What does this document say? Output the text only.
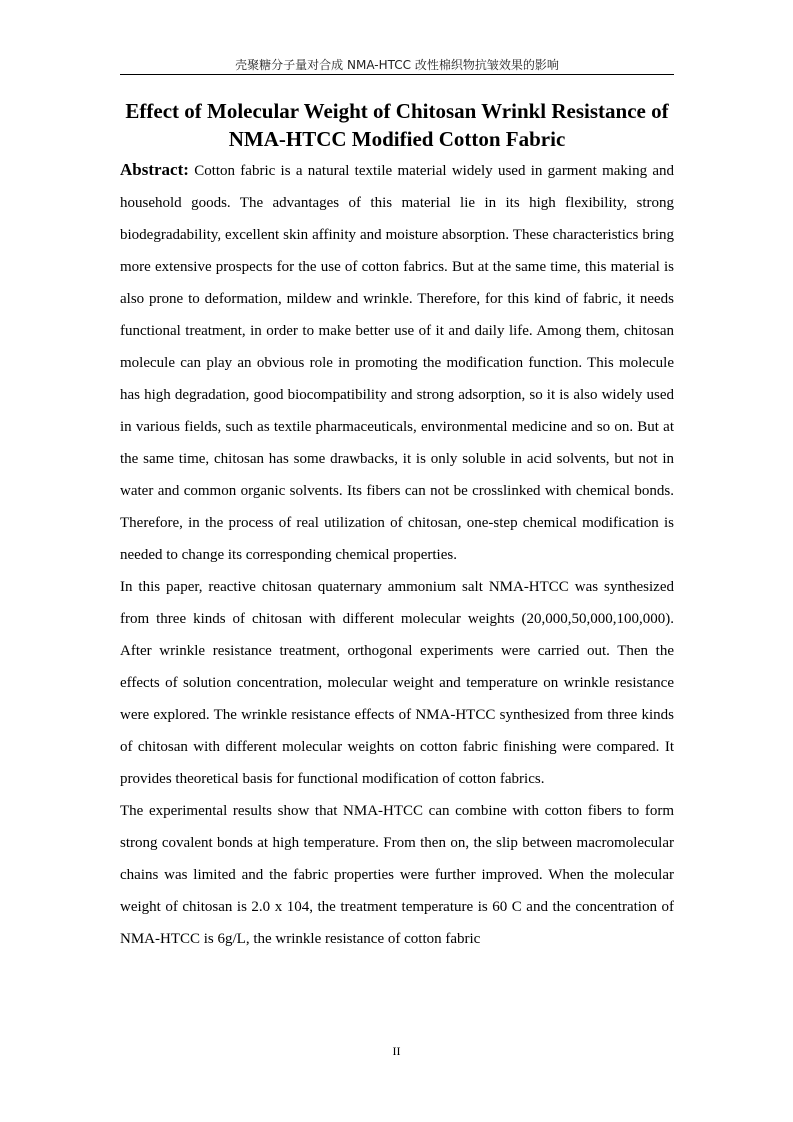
壳聚糖分子量对合成 NMA-HTCC 改性棉织物抗皱效果的影响
Effect of Molecular Weight of Chitosan Wrinkl Resistance of NMA-HTCC Modified Cotton Fabric

Abstract: Cotton fabric is a natural textile material widely used in garment making and household goods. The advantages of this material lie in its high flexibility, strong biodegradability, excellent skin affinity and moisture absorption. These characteristics bring more extensive prospects for the use of cotton fabrics. But at the same time, this material is also prone to deformation, mildew and wrinkle. Therefore, for this kind of fabric, it needs functional treatment, in order to make better use of it and daily life. Among them, chitosan molecule can play an obvious role in promoting the modification function. This molecule has high degradation, good biocompatibility and strong adsorption, so it is also widely used in various fields, such as textile pharmaceuticals, environmental medicine and so on. But at the same time, chitosan has some drawbacks, it is only soluble in acid solvents, but not in water and common organic solvents. Its fibers can not be crosslinked with chemical bonds. Therefore, in the process of real utilization of chitosan, one-step chemical modification is needed to change its corresponding chemical properties.

In this paper, reactive chitosan quaternary ammonium salt NMA-HTCC was synthesized from three kinds of chitosan with different molecular weights (20,000,50,000,100,000). After wrinkle resistance treatment, orthogonal experiments were carried out. Then the effects of solution concentration, molecular weight and temperature on wrinkle resistance were explored. The wrinkle resistance effects of NMA-HTCC synthesized from three kinds of chitosan with different molecular weights on cotton fabric finishing were compared. It provides theoretical basis for functional modification of cotton fabrics.

The experimental results show that NMA-HTCC can combine with cotton fibers to form strong covalent bonds at high temperature. From then on, the slip between macromolecular chains was limited and the fabric properties were further improved. When the molecular weight of chitosan is 2.0 x 104, the treatment temperature is 60 C and the concentration of NMA-HTCC is 6g/L, the wrinkle resistance of cotton fabric

II
